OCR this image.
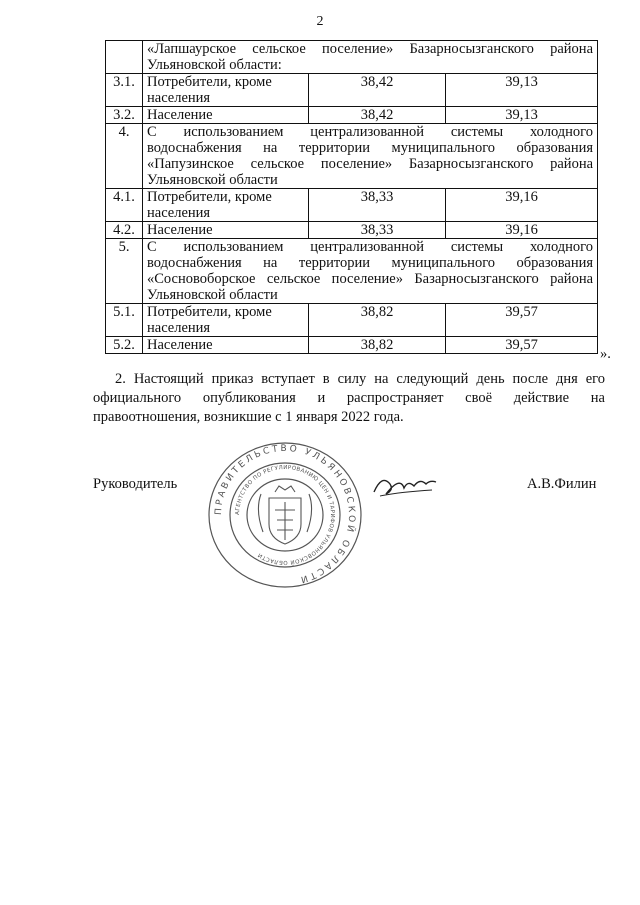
2
	«Лапшаурское сельское поселение» Базарносызганского района Ульяновской области:		
3.1.	Потребители, кроме населения	38,42	39,13
3.2.	Население	38,42	39,13
4.	С использованием централизованной системы холодного водоснабжения на территории муниципального образования «Папузинское сельское поселение» Базарносызганского района Ульяновской области		
4.1.	Потребители, кроме населения	38,33	39,16
4.2.	Население	38,33	39,16
5.	С использованием централизованной системы холодного водоснабжения на территории муниципального образования «Сосновоборское сельское поселение» Базарносызганского района Ульяновской области		
5.1.	Потребители, кроме населения	38,82	39,57
5.2.	Население	38,82	39,57
».
2. Настоящий приказ вступает в силу на следующий день после дня его официального опубликования и распространяет своё действие на правоотношения, возникшие с 1 января 2022 года.
Руководитель	А.В.Филин
ПРАВИТЕЛЬСТВО УЛЬЯНОВСКОЙ ОБЛАСТИ
АГЕНТСТВО ПО РЕГУЛИРОВАНИЮ ЦЕН И ТАРИФОВ УЛЬЯНОВСКОЙ ОБЛАСТИ
